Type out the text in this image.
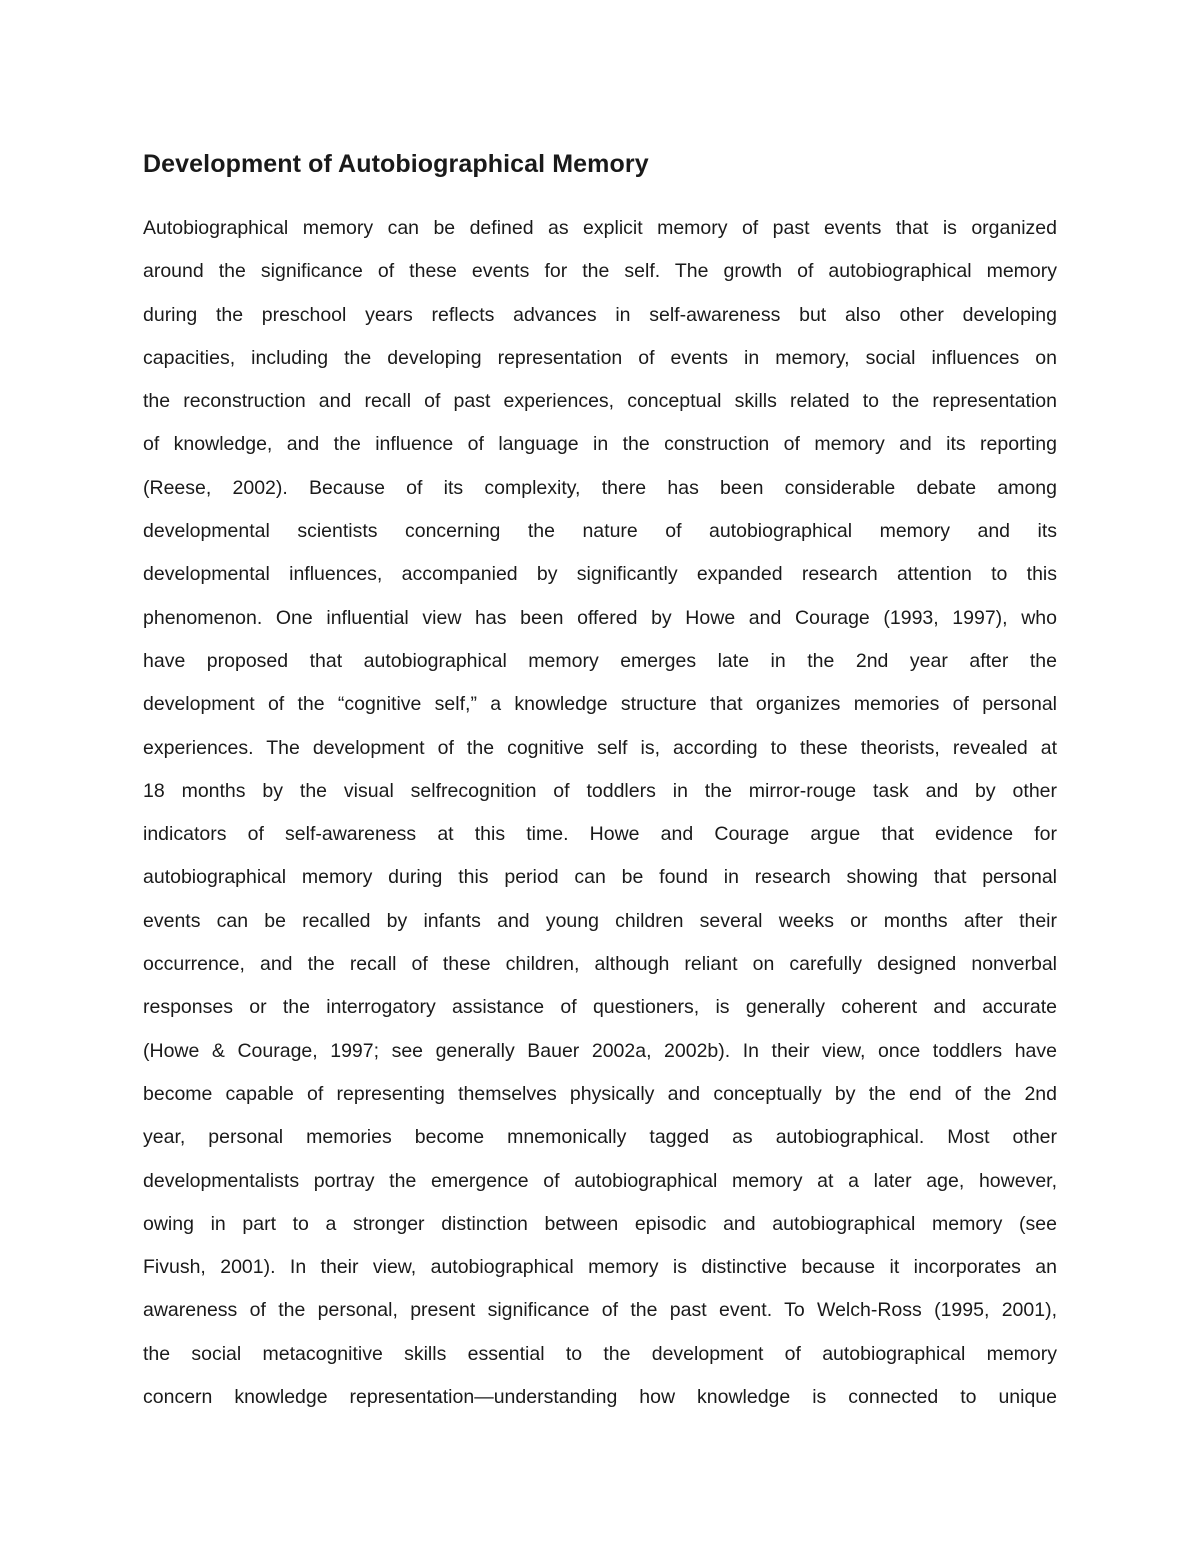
Development of Autobiographical Memory
Autobiographical memory can be defined as explicit memory of past events that is organized
around the significance of these events for the self. The growth of autobiographical memory
during the preschool years reflects advances in self-awareness but also other developing
capacities, including the developing representation of events in memory, social influences on
the reconstruction and recall of past experiences, conceptual skills related to the representation
of knowledge, and the influence of language in the construction of memory and its reporting
(Reese, 2002). Because of its complexity, there has been considerable debate among
developmental scientists concerning the nature of autobiographical memory and its
developmental influences, accompanied by significantly expanded research attention to this
phenomenon. One influential view has been offered by Howe and Courage (1993, 1997), who
have proposed that autobiographical memory emerges late in the 2nd year after the
development of the “cognitive self,” a knowledge structure that organizes memories of personal
experiences. The development of the cognitive self is, according to these theorists, revealed at
18 months by the visual selfrecognition of toddlers in the mirror-rouge task and by other
indicators of self-awareness at this time. Howe and Courage argue that evidence for
autobiographical memory during this period can be found in research showing that personal
events can be recalled by infants and young children several weeks or months after their
occurrence, and the recall of these children, although reliant on carefully designed nonverbal
responses or the interrogatory assistance of questioners, is generally coherent and accurate
(Howe & Courage, 1997; see generally Bauer 2002a, 2002b). In their view, once toddlers have
become capable of representing themselves physically and conceptually by the end of the 2nd
year, personal memories become mnemonically tagged as autobiographical. Most other
developmentalists portray the emergence of autobiographical memory at a later age, however,
owing in part to a stronger distinction between episodic and autobiographical memory (see
Fivush, 2001). In their view, autobiographical memory is distinctive because it incorporates an
awareness of the personal, present significance of the past event. To Welch-Ross (1995, 2001),
the social metacognitive skills essential to the development of autobiographical memory
concern knowledge representation—understanding how knowledge is connected to unique
